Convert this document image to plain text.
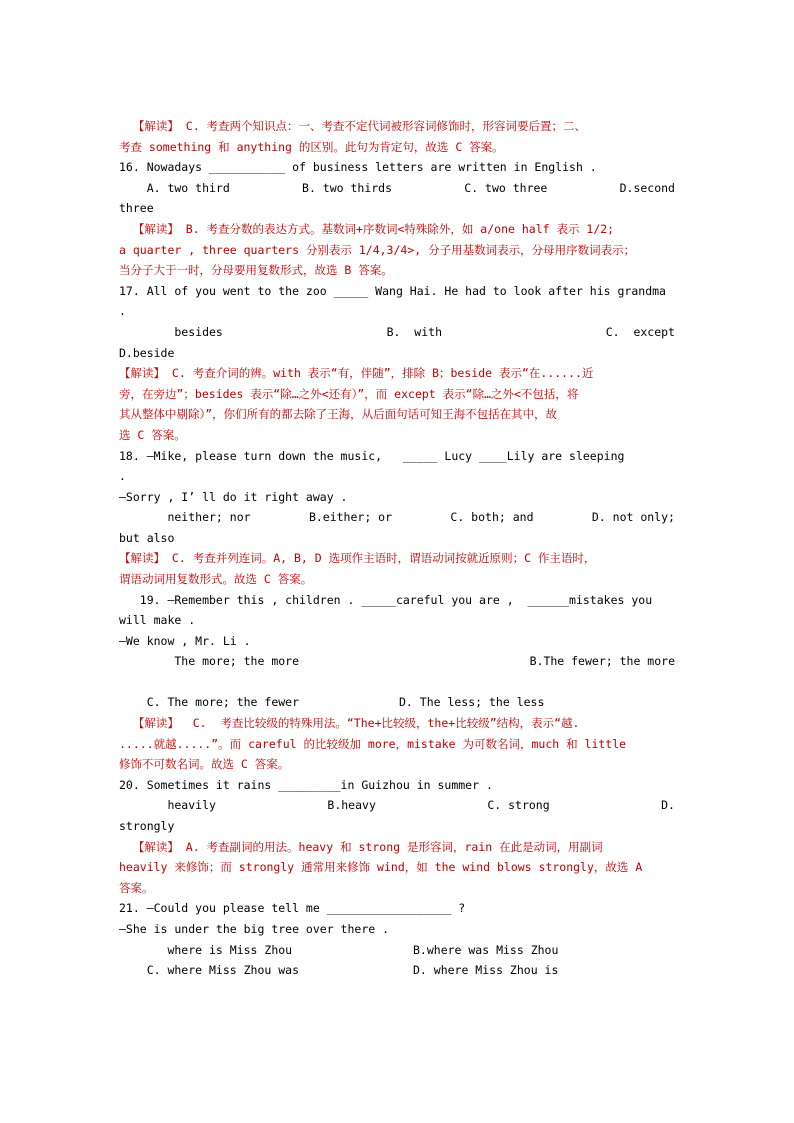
【解读】 C. 考查两个知识点：一、考查不定代词被形容词修饰时，形容词要后置；二、
考查 something 和 anything 的区别。此句为肯定句，故选 C 答案。
16. Nowadays ___________ of business letters are written in English .
A. two third	B. two thirds	C. two three	D.second
three
【解读】 B. 考查分数的表达方式。基数词+序数词<特殊除外，如 a/one half 表示 1/2;
a quarter , three quarters 分别表示 1/4,3/4>, 分子用基数词表示，分母用序数词表示；
当分子大于一时，分母要用复数形式，故选 B 答案。
17. All of you went to the zoo _____ Wang Hai. He had to look after his grandma
.
besides	B.  with	C.  except
D.beside
【解读】 C. 考查介词的辨。with 表示“有，伴随”，排除 B；beside 表示“在......近
旁，在旁边”；besides 表示“除…之外<还有）”，而 except 表示“除…之外<不包括，将
其从整体中剔除）”，你们所有的都去除了王海，从后面句话可知王海不包括在其中，故
选 C 答案。
18. —Mike, please turn down the music,   _____ Lucy ____Lily are sleeping
.
—Sorry , I’ ll do it right away .
neither; nor	B.either; or	C. both; and	D. not only;
but also
【解读】 C. 考查并列连词。A, B, D 选项作主语时，谓语动词按就近原则；C 作主语时，
谓语动词用复数形式。故选 C 答案。
19. —Remember this , children . _____careful you are ,  ______mistakes you
will make .
—We know , Mr. Li .
The more; the more	B.The fewer; the more
C. The more; the fewer	D. The less; the less
【解读】  C.  考查比较级的特殊用法。“The+比较级，the+比较级”结构，表示“越.
.....就越.....”。而 careful 的比较级加 more，mistake 为可数名词，much 和 little
修饰不可数名词。故选 C 答案。
20. Sometimes it rains _________in Guizhou in summer .
heavily	B.heavy	C. strong	D.
strongly
【解读】 A. 考查副词的用法。heavy 和 strong 是形容词，rain 在此是动词，用副词
heavily 来修饰；而 strongly 通常用来修饰 wind，如 the wind blows strongly，故选 A
答案。
21. —Could you please tell me __________________ ?
—She is under the big tree over there .
where is Miss Zhou	B.where was Miss Zhou
C. where Miss Zhou was	D. where Miss Zhou is
